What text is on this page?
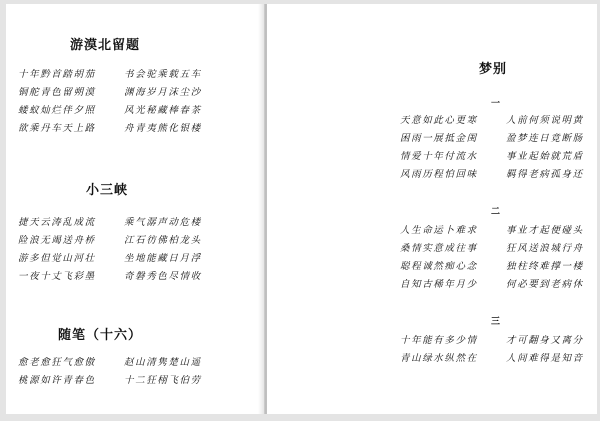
游漠北留题
十年黔首踏胡茄	书会驼乘载五车
铜舵青色留朔漠	渊海岁月沫尘沙
蝼蚁灿烂伴夕照	风光秘藏棒春茶
欲乘丹车天上路	舟青夷熊化银楼
小三峡
捷天云涛乱成流	乘气潺声动危楼
险浪无竭送舟桥	江石彷佛柏龙头
游多但觉山河壮	坐地能藏日月浮
一夜十丈飞彩墨	奇磐秀色尽情收
随笔（十六）
愈老愈狂气愈傲	赵山清隽楚山遥
桃源如许青春色	十二狂栩飞伯劳
梦别
一
天意如此心更寒	人前何须说明黄
困雨一展抵金闺	盈梦连日竟断肠
情爱十年付流水	事业起始就荒盾
风雨历程怕回味	羁得老病孤身还
二
人生命运卜难求	事业才起便碰头
桑情实意成往事	狂风送浪城行舟
聪程诚然痴心念	独柱终难撑一楼
自知古稀年月少	何必要到老病休
三
十年能有多少情	才可翻身又离分
青山绿水纵然在	人间难得是知音
